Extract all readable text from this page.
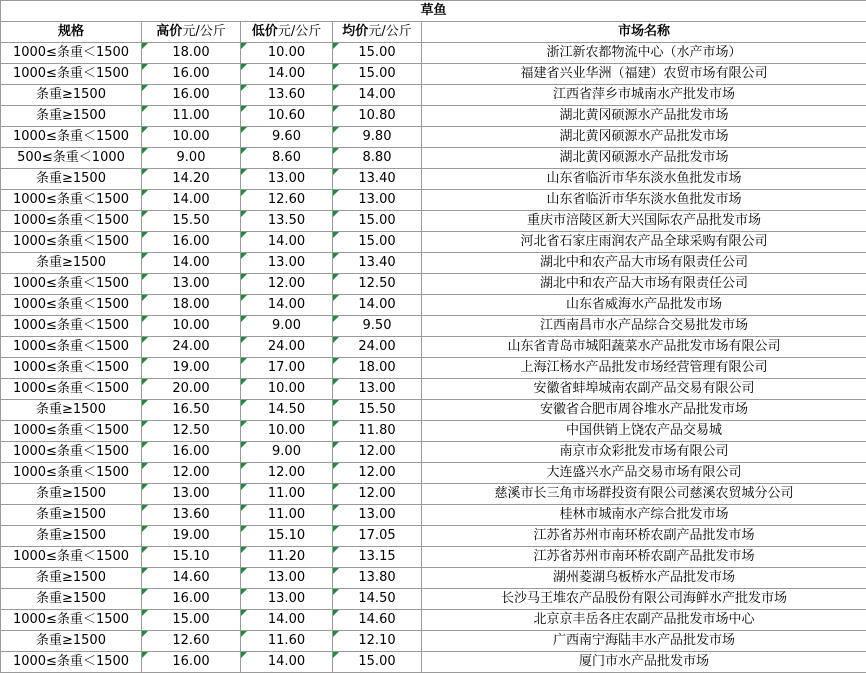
草鱼				
规格	高价元/公斤	低价元/公斤	均价元/公斤	市场名称
1000≤条重＜1500	18.00	10.00	15.00	浙江新农都物流中心（水产市场）
1000≤条重＜1500	16.00	14.00	15.00	福建省兴业华洲（福建）农贸市场有限公司
条重≥1500	16.00	13.60	14.00	江西省萍乡市城南水产批发市场
条重≥1500	11.00	10.60	10.80	湖北黄冈硕源水产品批发市场
1000≤条重＜1500	10.00	9.60	9.80	湖北黄冈硕源水产品批发市场
500≤条重＜1000	9.00	8.60	8.80	湖北黄冈硕源水产品批发市场
条重≥1500	14.20	13.00	13.40	山东省临沂市华东淡水鱼批发市场
1000≤条重＜1500	14.00	12.60	13.00	山东省临沂市华东淡水鱼批发市场
1000≤条重＜1500	15.50	13.50	15.00	重庆市涪陵区新大兴国际农产品批发市场
1000≤条重＜1500	16.00	14.00	15.00	河北省石家庄雨润农产品全球采购有限公司
条重≥1500	14.00	13.00	13.40	湖北中和农产品大市场有限责任公司
1000≤条重＜1500	13.00	12.00	12.50	湖北中和农产品大市场有限责任公司
1000≤条重＜1500	18.00	14.00	14.00	山东省威海水产品批发市场
1000≤条重＜1500	10.00	9.00	9.50	江西南昌市水产品综合交易批发市场
1000≤条重＜1500	24.00	24.00	24.00	山东省青岛市城阳蔬菜水产品批发市场有限公司
1000≤条重＜1500	19.00	17.00	18.00	上海江杨水产品批发市场经营管理有限公司
1000≤条重＜1500	20.00	10.00	13.00	安徽省蚌埠城南农副产品交易有限公司
条重≥1500	16.50	14.50	15.50	安徽省合肥市周谷堆水产品批发市场
1000≤条重＜1500	12.50	10.00	11.80	中国供销上饶农产品交易城
1000≤条重＜1500	16.00	9.00	12.00	南京市众彩批发市场有限公司
1000≤条重＜1500	12.00	12.00	12.00	大连盛兴水产品交易市场有限公司
条重≥1500	13.00	11.00	12.00	慈溪市长三角市场群投资有限公司慈溪农贸城分公司
条重≥1500	13.60	11.00	13.00	桂林市城南水产综合批发市场
条重≥1500	19.00	15.10	17.05	江苏省苏州市南环桥农副产品批发市场
1000≤条重＜1500	15.10	11.20	13.15	江苏省苏州市南环桥农副产品批发市场
条重≥1500	14.60	13.00	13.80	湖州菱湖乌板桥水产品批发市场
条重≥1500	16.00	13.00	14.50	长沙马王堆农产品股份有限公司海鲜水产批发市场
1000≤条重＜1500	15.00	14.00	14.60	北京京丰岳各庄农副产品批发市场中心
条重≥1500	12.60	11.60	12.10	广西南宁海陆丰水产品批发市场
1000≤条重＜1500	16.00	14.00	15.00	厦门市水产品批发市场
